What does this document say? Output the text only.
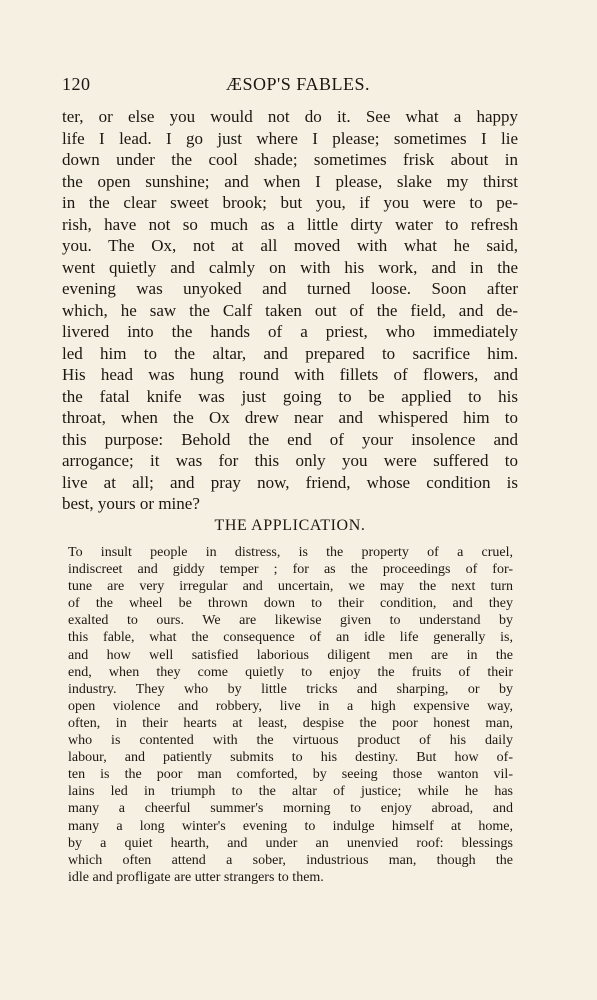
120	ÆSOP'S FABLES.
ter, or else you would not do it. See what a happy
life I lead. I go just where I please; sometimes I lie
down under the cool shade; sometimes frisk about in
the open sunshine; and when I please, slake my thirst
in the clear sweet brook; but you, if you were to pe-
rish, have not so much as a little dirty water to refresh
you. The Ox, not at all moved with what he said,
went quietly and calmly on with his work, and in the
evening was unyoked and turned loose. Soon after
which, he saw the Calf taken out of the field, and de-
livered into the hands of a priest, who immediately
led him to the altar, and prepared to sacrifice him.
His head was hung round with fillets of flowers, and
the fatal knife was just going to be applied to his
throat, when the Ox drew near and whispered him to
this purpose: Behold the end of your insolence and
arrogance; it was for this only you were suffered to
live at all; and pray now, friend, whose condition is
best, yours or mine?
THE APPLICATION.
To insult people in distress, is the property of a cruel,
indiscreet and giddy temper ; for as the proceedings of for-
tune are very irregular and uncertain, we may the next turn
of the wheel be thrown down to their condition, and they
exalted to ours. We are likewise given to understand by
this fable, what the consequence of an idle life generally is,
and how well satisfied laborious diligent men are in the
end, when they come quietly to enjoy the fruits of their
industry. They who by little tricks and sharping, or by
open violence and robbery, live in a high expensive way,
often, in their hearts at least, despise the poor honest man,
who is contented with the virtuous product of his daily
labour, and patiently submits to his destiny. But how of-
ten is the poor man comforted, by seeing those wanton vil-
lains led in triumph to the altar of justice; while he has
many a cheerful summer's morning to enjoy abroad, and
many a long winter's evening to indulge himself at home,
by a quiet hearth, and under an unenvied roof: blessings
which often attend a sober, industrious man, though the
idle and profligate are utter strangers to them.
